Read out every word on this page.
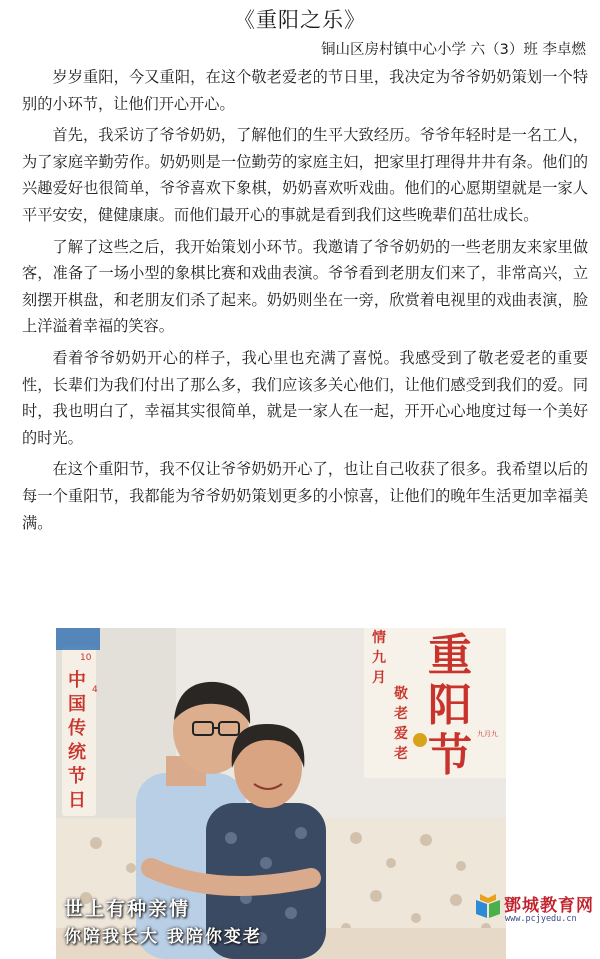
《重阳之乐》
铜山区房村镇中心小学 六（3）班 李卓燃

岁岁重阳，今又重阳，在这个敬老爱老的节日里，我决定为爷爷奶奶策划一个特别的小环节，让他们开心开心。

首先，我采访了爷爷奶奶，了解他们的生平大致经历。爷爷年轻时是一名工人，为了家庭辛勤劳作。奶奶则是一位勤劳的家庭主妇，把家里打理得井井有条。他们的兴趣爱好也很简单，爷爷喜欢下象棋，奶奶喜欢听戏曲。他们的心愿期望就是一家人平平安安，健健康康。而他们最开心的事就是看到我们这些晚辈们茁壮成长。

了解了这些之后，我开始策划小环节。我邀请了爷爷奶奶的一些老朋友来家里做客，准备了一场小型的象棋比赛和戏曲表演。爷爷看到老朋友们来了，非常高兴，立刻摆开棋盘，和老朋友们杀了起来。奶奶则坐在一旁，欣赏着电视里的戏曲表演，脸上洋溢着幸福的笑容。

看着爷爷奶奶开心的样子，我心里也充满了喜悦。我感受到了敬老爱老的重要性，长辈们为我们付出了那么多，我们应该多关心他们，让他们感受到我们的爱。同时，我也明白了，幸福其实很简单，就是一家人在一起，开开心心地度过每一个美好的时光。

在这个重阳节，我不仅让爷爷奶奶开心了，也让自己收获了很多。我希望以后的每一个重阳节，我都能为爷爷奶奶策划更多的小惊喜，让他们的晚年生活更加幸福美满。

10
4
中
国
传
统
节
日
重
阳
节
情
九
月
敬
老
爱
老
九月九
世上有种亲情
你陪我长大 我陪你变老
鄧城教育网
www.pcjyedu.cn
